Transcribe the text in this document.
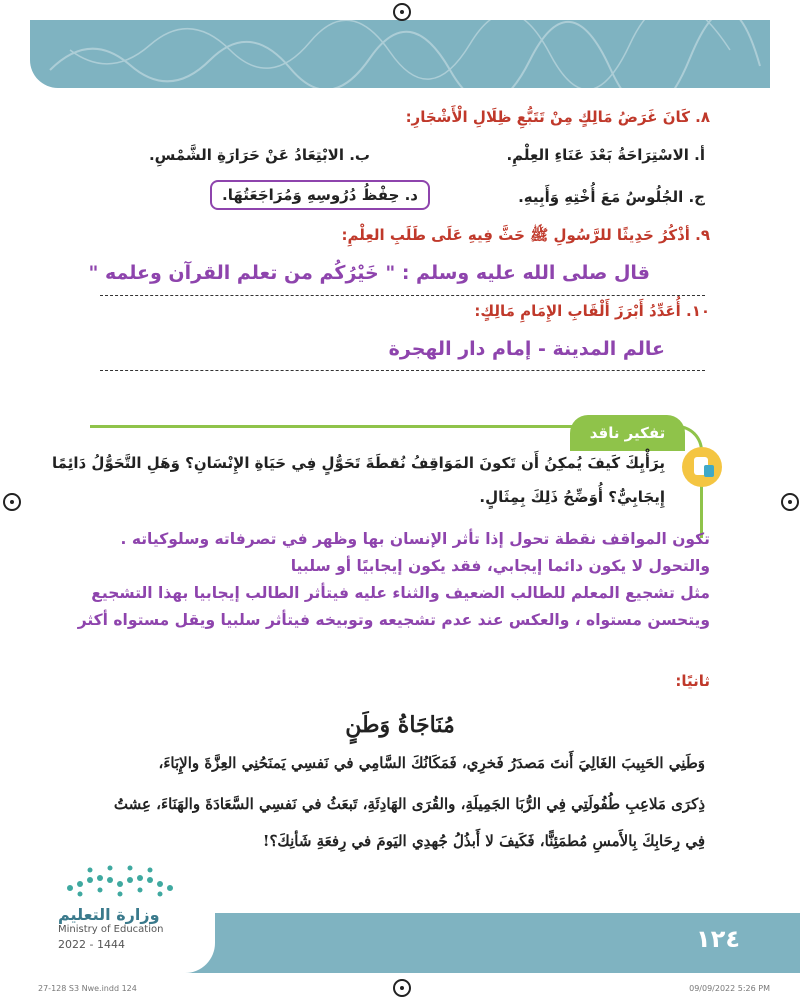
٨. كَانَ غَرَضُ مَالِكٍ مِنْ تَتَبُّعِ ظِلَالِ الْأَشْجَارِ:
أ. الاسْتِرَاحَةُ بَعْدَ عَنَاءِ العِلْمِ.
ب. الابْتِعَادُ عَنْ حَرَارَةِ الشَّمْسِ.
ج. الجُلُوسُ مَعَ أُخْتِهِ وَأَبِيهِ.
د. حِفْظُ دُرُوسِهِ وَمُرَاجَعَتُهَا.
٩. أذْكُرُ حَدِيثًا للرَّسُولِ ﷺ حَثَّ فِيهِ عَلَى طَلَبِ العِلْمِ:
قال صلى الله عليه وسلم : " خَيْرُكُم من تعلم القرآن وعلمه "
١٠. أُعَدِّدُ أَبْرَزَ أَلْقَابِ الإِمَامِ مَالِكٍ:
عالم المدينة - إمام دار الهجرة
تفكير ناقد
بِرَأْيِكَ كَيفَ يُمكِنُ أَن تَكونَ المَوَاقِفُ نُقطَةَ تَحَوُّلٍ فِي حَيَاةِ الإِنْسَانِ؟ وَهَلِ التَّحَوُّلُ دَائِمًا
إِيجَابِيٌّ؟ أُوَضِّحُ ذَلِكَ بِمِثَالٍ.
تكون المواقف نقطة تحول إذا تأثر الإنسان بها وظهر في تصرفاته وسلوكياته .
والتحول لا يكون دائما إيجابي، فقد يكون إيجابيًا أو سلبيا
مثل تشجيع المعلم للطالب الضعيف والثناء عليه فيتأثر الطالب إيجابيا بهذا التشجيع
ويتحسن مستواه ، والعكس عند عدم تشجيعه وتوبيخه فيتأثر سلبيا ويقل مستواه أكثر
ثانيًا:
مُنَاجَاةُ وَطَنٍ
وَطَنِي الحَبِيبَ الغَالِيَ أَنتَ مَصدَرُ فَخرِي، فَمَكَانُكَ السَّامِي في نَفسِي يَمنَحُنِي العِزَّةَ والإِبَاءَ،
ذِكرَى مَلاعِبِ طُفُولَتِي فِي الرُّبَا الجَمِيلَةِ، والقُرَى الهَادِئَةِ، تَبعَثُ في نَفسِي السَّعَادَةَ والهَنَاءَ، عِشتُ
فِي رِحَابِكَ بِالأَمسِ مُطمَئِنًّا، فَكَيفَ لا أَبذُلُ جُهدِي اليَومَ في رِفعَةِ شَأنِكَ؟!
١٢٤
وزارة التعليم
Ministry of Education
2022 - 1444
27-128 S3 Nwe.indd 124	09/09/2022 5:26 PM
